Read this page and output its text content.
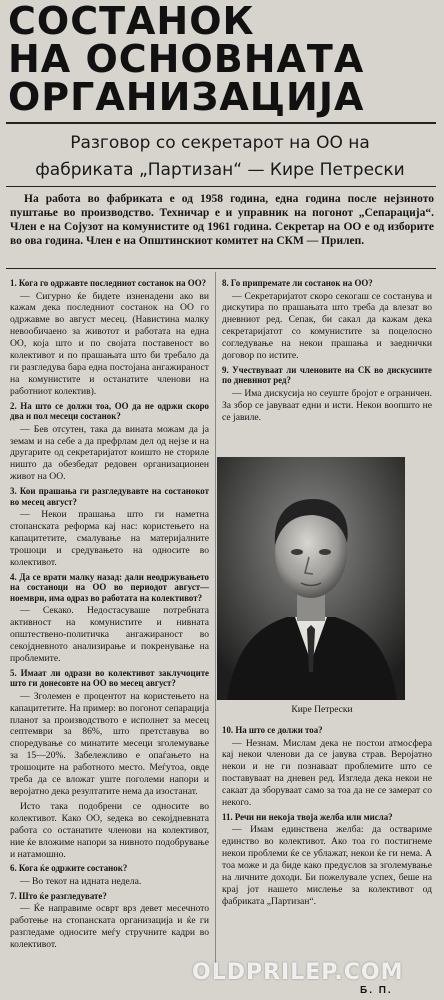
СОСТАНОК
НА ОСНОВНАТА
ОРГАНИЗАЦИЈА
Разговор со секретарот на ОО на
фабриката „Партизан“ — Кире Петрески
На работа во фабриката е од 1958 година, една година после нејзиното пуштање во производство. Техничар е и управник на погонот „Сепарација“. Член е на Сојузот на комунистите од 1961 година. Секретар на ОО е од изборите во ова година. Член е на Општинскиот комитет на СКМ — Прилеп.
1. Кога го одржавте последниот состанок на ОО?
— Сигурно ќе бидете изненадени ако ви кажам дека последниот состанок на ОО го одржавме во август месец. (Навистина малку невообичаено за животот и работата на една ОО, која што и по својата поставеност во колективот и по прашањата што би требало да ги разгледува бара една постојана ангажираност на комунистите и останатите членови на работниот колектив).
2. На што се должи тоа, ОО да не одржи скоро два и пол месеци состанок?
— Бев отсутен, така да вината можам да ја земам и на себе а да префрлам дел од нејзе и на другарите од секретаријатот коишто не сториле ништо да обезбедат редовен организационен живот на ОО.
3. Кои прашања ги разгледувавте на состанокот во месец август?
— Некои прашања што ги наметна стопанската реформа кај нас: користењето на капацитетите, смалување на материјалните трошоци и средувањето на односите во колективот.
4. Да се врати малку назад: дали неодржувањето на состаноци на ОО во периодот август—ноември, има одраз во работата на колективот?
— Секако. Недостасуваше потребната активност на комунистите и нивната општествено-политичка ангажираност во секојдневното анализирање и покренување на проблемите.
5. Имаат ли одрази во колективот заклучоците што ги донесовте на ОО во месец август?
— Зголемен е процентот на користењето на капацитетите. На пример: во погонот сепарација планот за производството е исполнет за месец септември за 86%, што претставува во споредување со минатите месеци зголемување за 15—20%. Забележливо е опаѓањето на трошоците на работното место. Меѓутоа, овде треба да се вложат уште поголеми напори и веројатно дека резултатите нема да изостанат.
Исто така подобрени се односите во колективот. Како ОО, seдека во секојдневната работа со останатите членови на колективот, ние ќе вложиме напори за нивното подобрување и натамошно.
6. Кога ќе одржите состанок?
— Во текот на идната недела.
7. Што ќе разгледувате?
— Ќе направиме осврт врз девет месечното работење на стопанската организација и ќе ги разгледаме односите меѓу стручните кадри во колективот.
8. Го припремате ли состанок на ОО?
— Секретаријатот скоро секогаш се состанува и дискутира по прашањата што треба да влезат во дневниот ред. Сепак, би сакал да кажам дека секретаријатот со комунистите за поцелосно согледување на некои прашања и заеднички договор по истите.
9. Учествуваат ли членовите на СК во дискусиите по дневниот ред?
— Има дискусија но сеуште бројот е ограничен. За збор се јавуваат едни и исти. Некои воопшто не се јавиле.
Кире Петрески
10. На што се должи тоа?
— Незнам. Мислам дека не постои атмосфера кај некои членови да се јавува страв. Веројатно некои и не ги познаваат проблемите што се поставуваат на дневен ред. Изгледа дека некои не сакаат да зборуваат само за тоа да не се замерат со некого.
11. Речи ни некоја твоја желба или мисла?
— Имам единствена желба: да оствариме единство во колективот. Ако тоа го постигнеме некои проблеми ќе се ублажат, некои ќе ги нема. А тоа може и да биде како предуслов за зголемување на личните доходи. Би пожелувале успех, беше на крај јот нашето мислење за колективот од фабриката „Партизан“.
OLDPRILEP.COM
Б. П.
